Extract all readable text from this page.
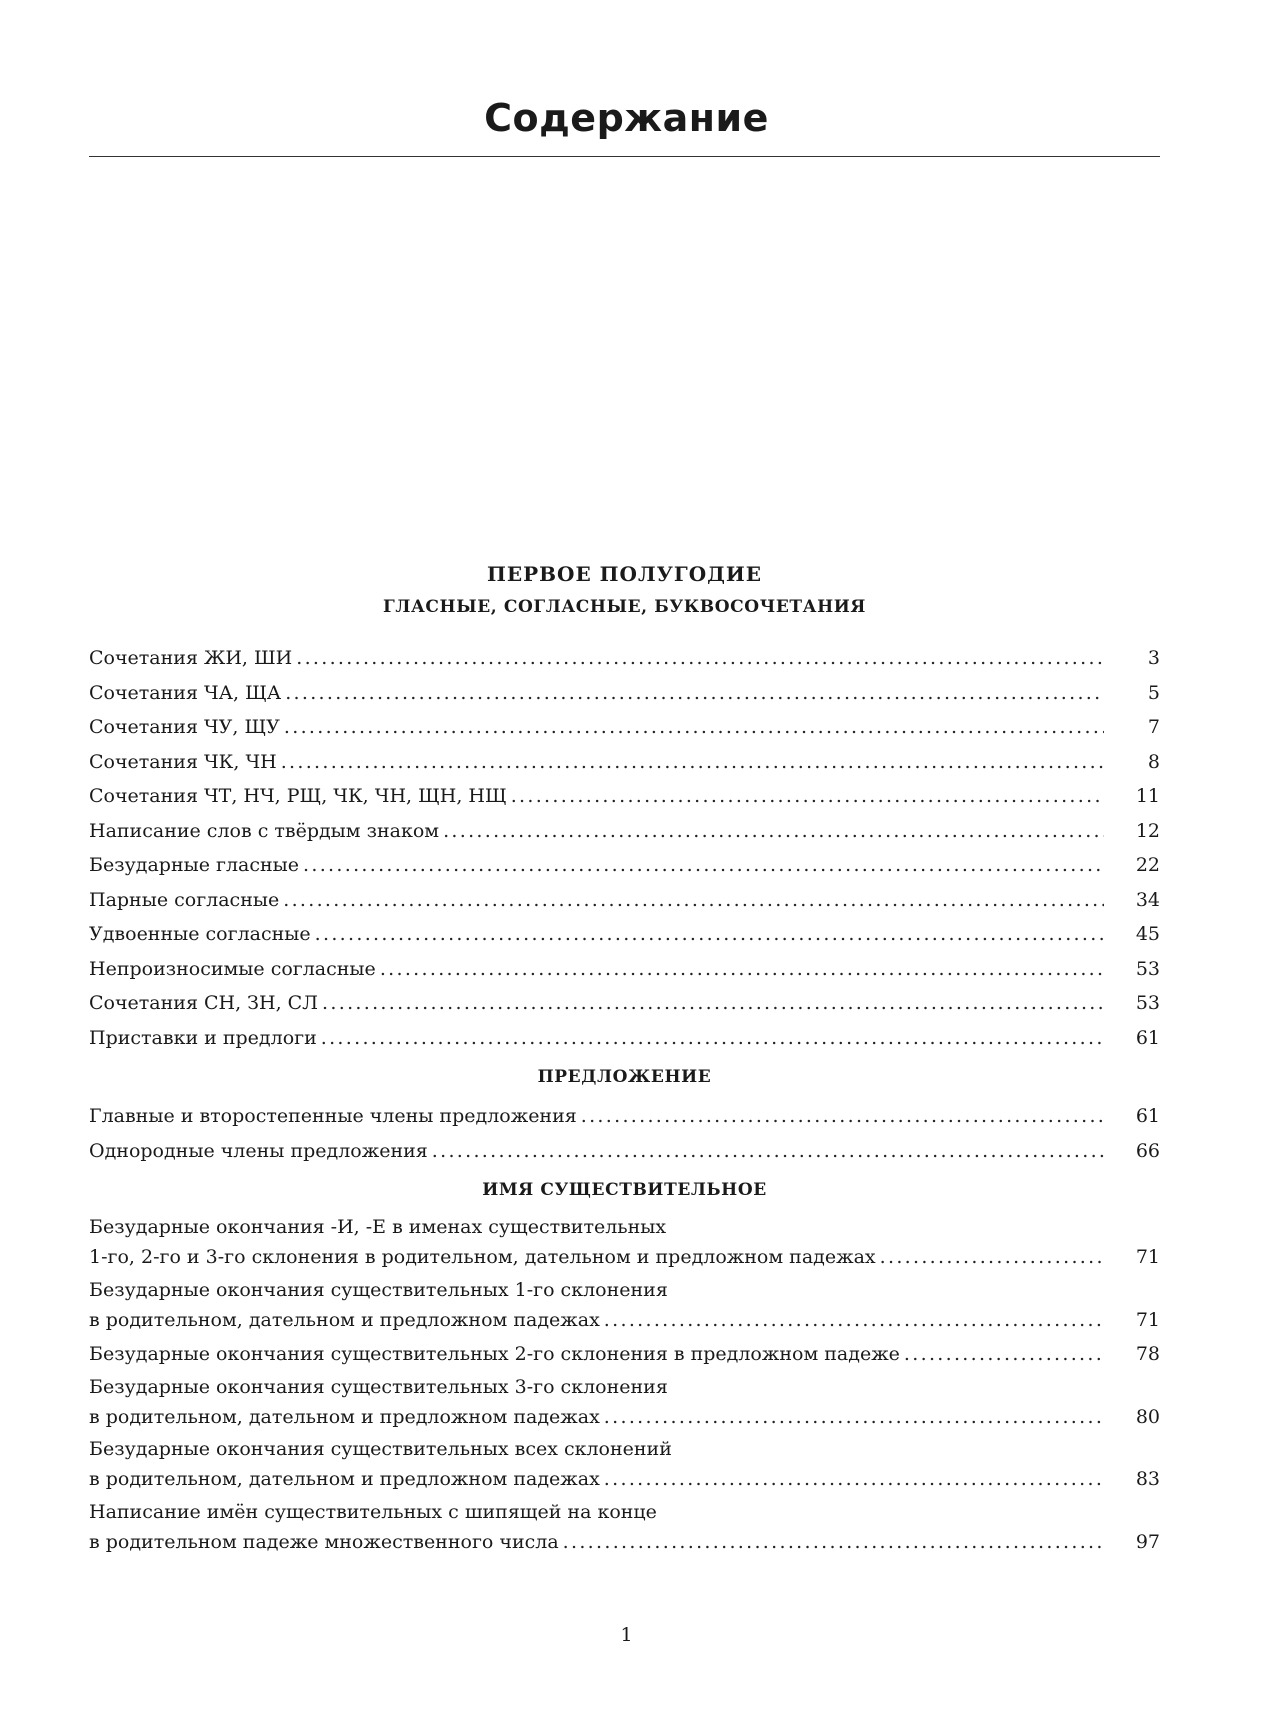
Содержание
ПЕРВОЕ ПОЛУГОДИЕ
ГЛАСНЫЕ, СОГЛАСНЫЕ, БУКВОСОЧЕТАНИЯ
Сочетания ЖИ, ШИ .....	3
Сочетания ЧА, ЩА .....	5
Сочетания ЧУ, ЩУ .....	7
Сочетания ЧК, ЧН .....	8
Сочетания ЧТ, НЧ, РЩ, ЧК, ЧН, ЩН, НЩ .....	11
Написание слов с твёрдым знаком .....	12
Безударные гласные .....	22
Парные согласные .....	34
Удвоенные согласные .....	45
Непроизносимые согласные .....	53
Сочетания СН, ЗН, СЛ .....	53
Приставки и предлоги .....	61
ПРЕДЛОЖЕНИЕ
Главные и второстепенные члены предложения .....	61
Однородные члены предложения .....	66
ИМЯ СУЩЕСТВИТЕЛЬНОЕ
Безударные окончания -И, -Е в именах существительных
1-го, 2-го и 3-го склонения в родительном, дательном и предложном падежах .....	71
Безударные окончания существительных 1-го склонения
в родительном, дательном и предложном падежах .....	71
Безударные окончания существительных 2-го склонения в предложном падеже .....	78
Безударные окончания существительных 3-го склонения
в родительном, дательном и предложном падежах .....	80
Безударные окончания существительных всех склонений
в родительном, дательном и предложном падежах .....	83
Написание имён существительных с шипящей на конце
в родительном падеже множественного числа .....	97
1
